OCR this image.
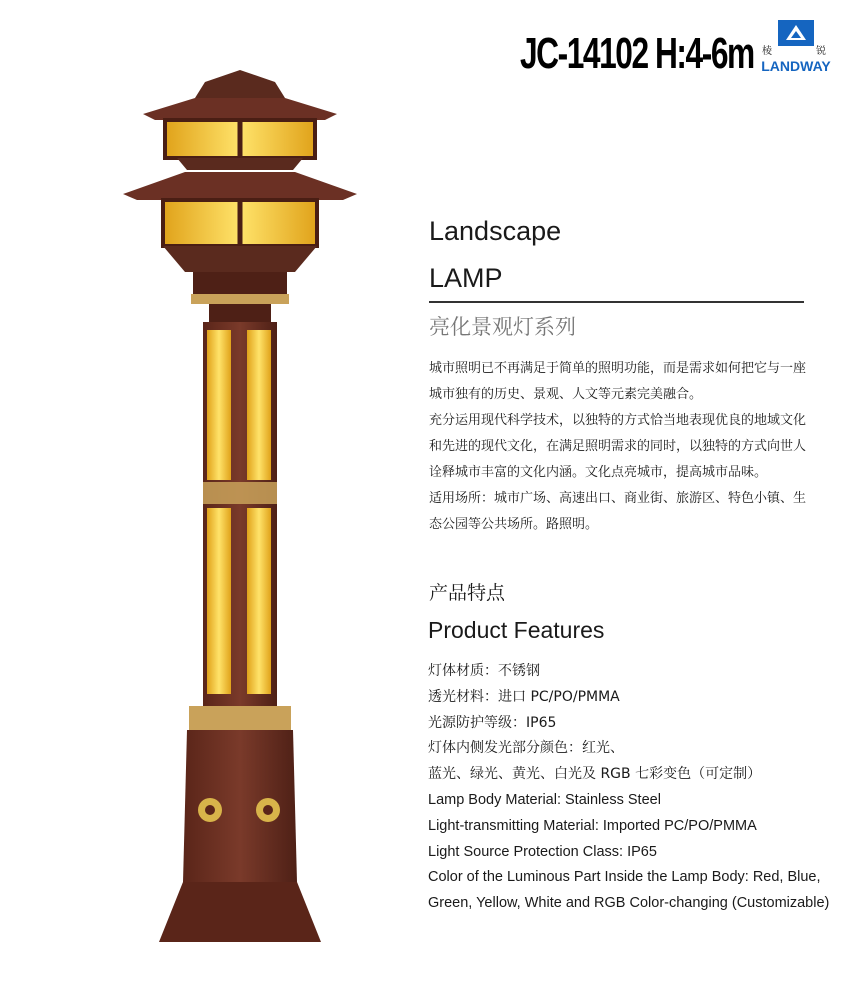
JC-14102 H:4-6m 棱	锐
LANDWAY
Landscape
LAMP
亮化景观灯系列

城市照明已不再满足于简单的照明功能，而是需求如何把它与一座城市独有的历史、景观、人文等元素完美融合。

充分运用现代科学技术，以独特的方式恰当地表现优良的地域文化和先进的现代文化，在满足照明需求的同时，以独特的方式向世人诠释城市丰富的文化内涵。文化点亮城市，提高城市品味。

适用场所：城市广场、高速出口、商业街、旅游区、特色小镇、生态公园等公共场所。路照明。

产品特点
Product Features
灯体材质：不锈钢
透光材料：进口 PC/PO/PMMA
光源防护等级：IP65
灯体内侧发光部分颜色：红光、
蓝光、绿光、黄光、白光及 RGB 七彩变色（可定制）
Lamp Body Material: Stainless Steel
Light-transmitting Material: Imported PC/PO/PMMA
Light Source Protection Class: IP65
Color of the Luminous Part Inside the Lamp Body: Red, Blue, Green, Yellow, White and RGB Color-changing (Customizable)
